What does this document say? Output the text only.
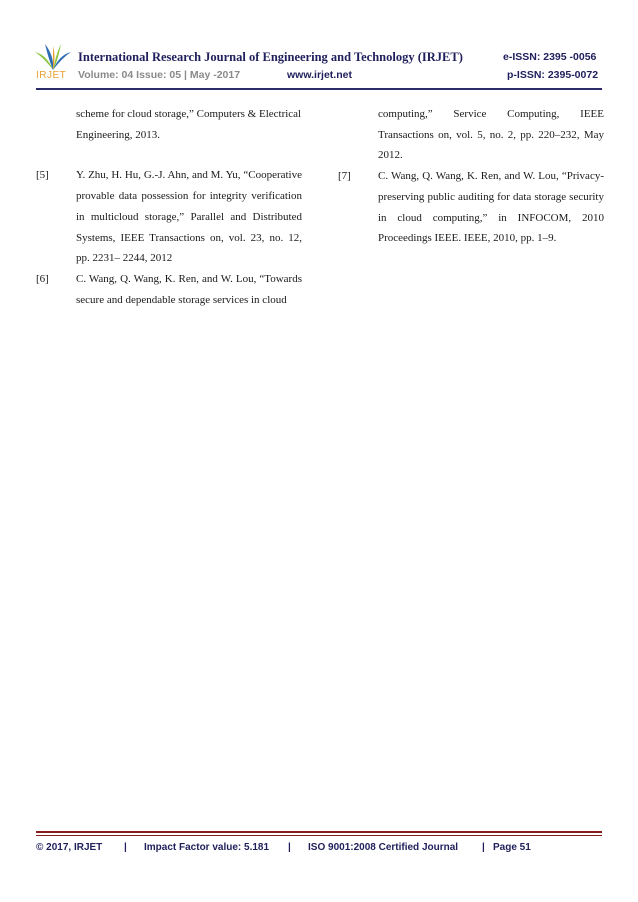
IRJET
International Research Journal of Engineering and Technology (IRJET)	e-ISSN: 2395 -0056
Volume: 04 Issue: 05 | May -2017	www.irjet.net	p-ISSN: 2395-0072
scheme for cloud storage,” Computers & Electrical Engineering, 2013.
[5] Y. Zhu, H. Hu, G.-J. Ahn, and M. Yu, “Cooperative provable data possession for integrity verification in multicloud storage,” Parallel and Distributed Systems, IEEE Transactions on, vol. 23, no. 12, pp. 2231– 2244, 2012
[6] C. Wang, Q. Wang, K. Ren, and W. Lou, “Towards secure and dependable storage services in cloud
computing,” Service Computing, IEEE Transactions on, vol. 5, no. 2, pp. 220–232, May 2012.
[7] C. Wang, Q. Wang, K. Ren, and W. Lou, “Privacy-preserving public auditing for data storage security in cloud computing,” in INFOCOM, 2010 Proceedings IEEE. IEEE, 2010, pp. 1–9.
© 2017, IRJET | Impact Factor value: 5.181 | ISO 9001:2008 Certified Journal | Page 51
